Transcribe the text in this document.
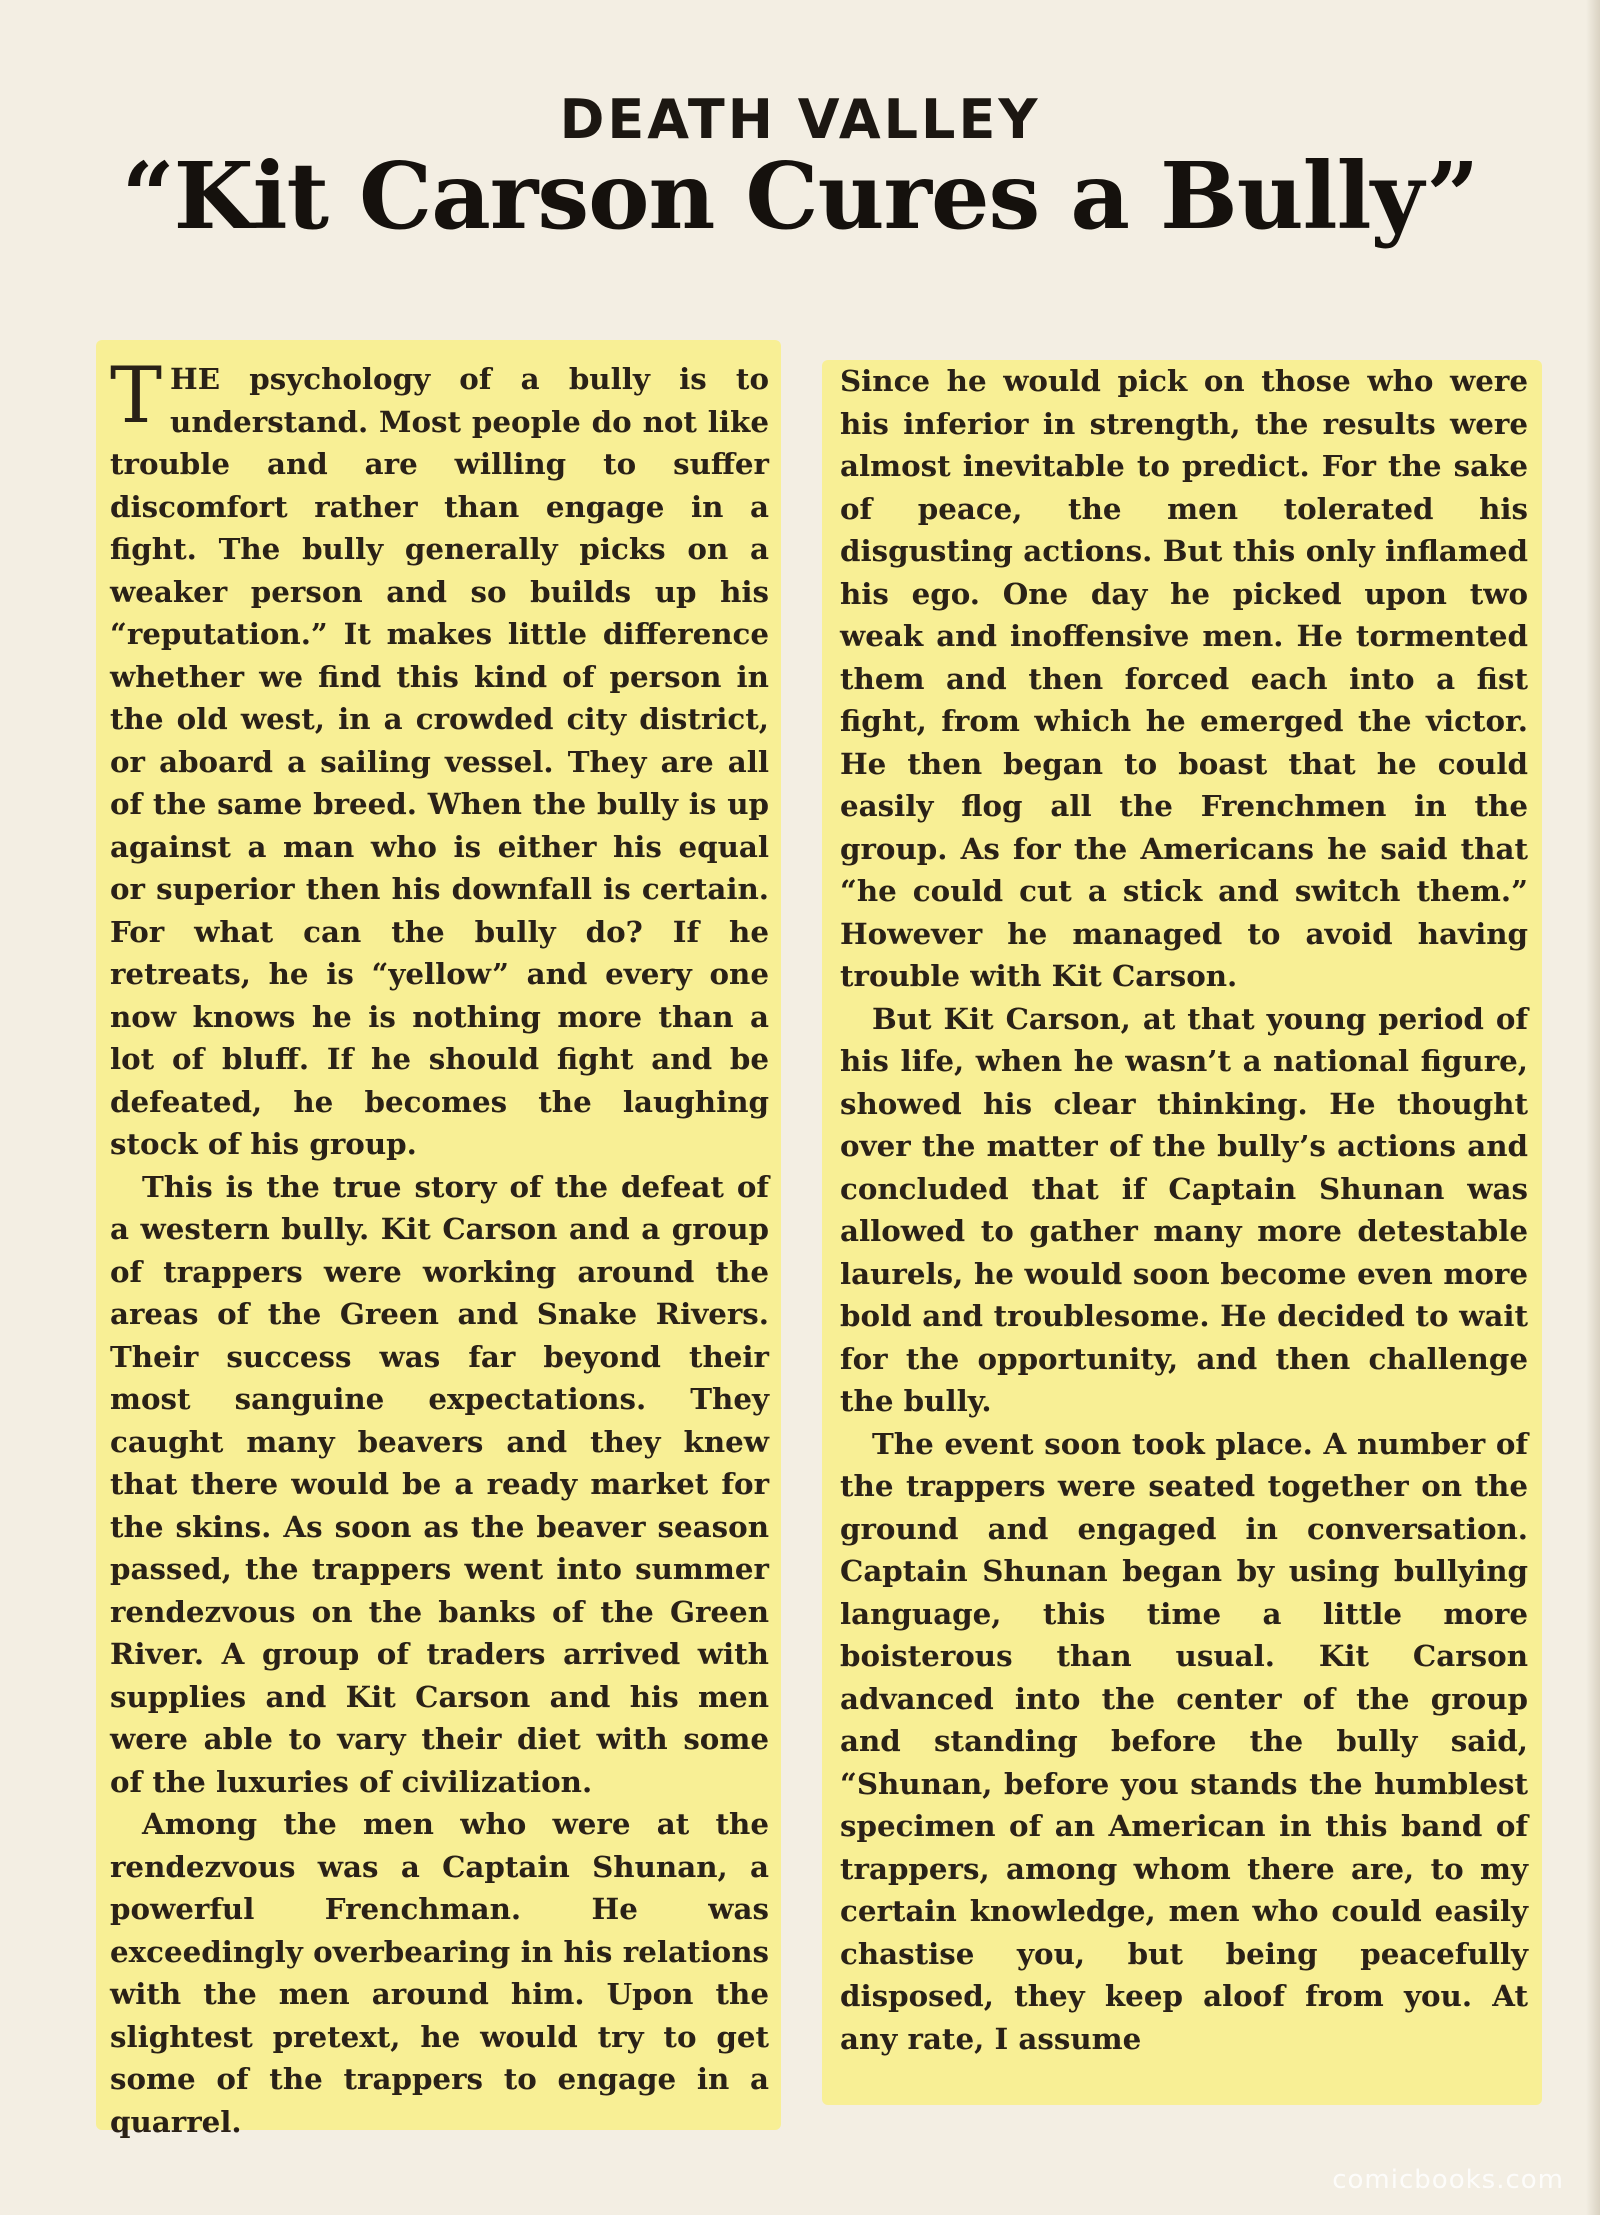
DEATH VALLEY
“Kit Carson Cures a Bully”

THE psychology of a bully is to understand. Most people do not like trouble and are willing to suffer discomfort rather than engage in a fight. The bully generally picks on a weaker person and so builds up his “reputation.” It makes little difference whether we find this kind of person in the old west, in a crowded city district, or aboard a sailing vessel. They are all of the same breed. When the bully is up against a man who is either his equal or superior then his downfall is certain. For what can the bully do? If he retreats, he is “yellow” and every one now knows he is nothing more than a lot of bluff. If he should fight and be defeated, he becomes the laughing stock of his group.

This is the true story of the defeat of a western bully. Kit Carson and a group of trappers were working around the areas of the Green and Snake Rivers. Their success was far beyond their most sanguine expectations. They caught many beavers and they knew that there would be a ready market for the skins. As soon as the beaver season passed, the trappers went into summer rendezvous on the banks of the Green River. A group of traders arrived with supplies and Kit Carson and his men were able to vary their diet with some of the luxuries of civilization.

Among the men who were at the rendezvous was a Captain Shunan, a powerful Frenchman. He was exceedingly overbearing in his relations with the men around him. Upon the slightest pretext, he would try to get some of the trappers to engage in a quarrel.

Since he would pick on those who were his inferior in strength, the results were almost inevitable to predict. For the sake of peace, the men tolerated his disgusting actions. But this only inflamed his ego. One day he picked upon two weak and inoffensive men. He tormented them and then forced each into a fist fight, from which he emerged the victor. He then began to boast that he could easily flog all the Frenchmen in the group. As for the Americans he said that “he could cut a stick and switch them.” However he managed to avoid having trouble with Kit Carson.

But Kit Carson, at that young period of his life, when he wasn’t a national figure, showed his clear thinking. He thought over the matter of the bully’s actions and concluded that if Captain Shunan was allowed to gather many more detestable laurels, he would soon become even more bold and troublesome. He decided to wait for the opportunity, and then challenge the bully.

The event soon took place. A number of the trappers were seated together on the ground and engaged in conversation. Captain Shunan began by using bullying language, this time a little more boisterous than usual. Kit Carson advanced into the center of the group and standing before the bully said, “Shunan, before you stands the humblest specimen of an American in this band of trappers, among whom there are, to my certain knowledge, men who could easily chastise you, but being peacefully disposed, they keep aloof from you. At any rate, I assume

comicbooks.com
